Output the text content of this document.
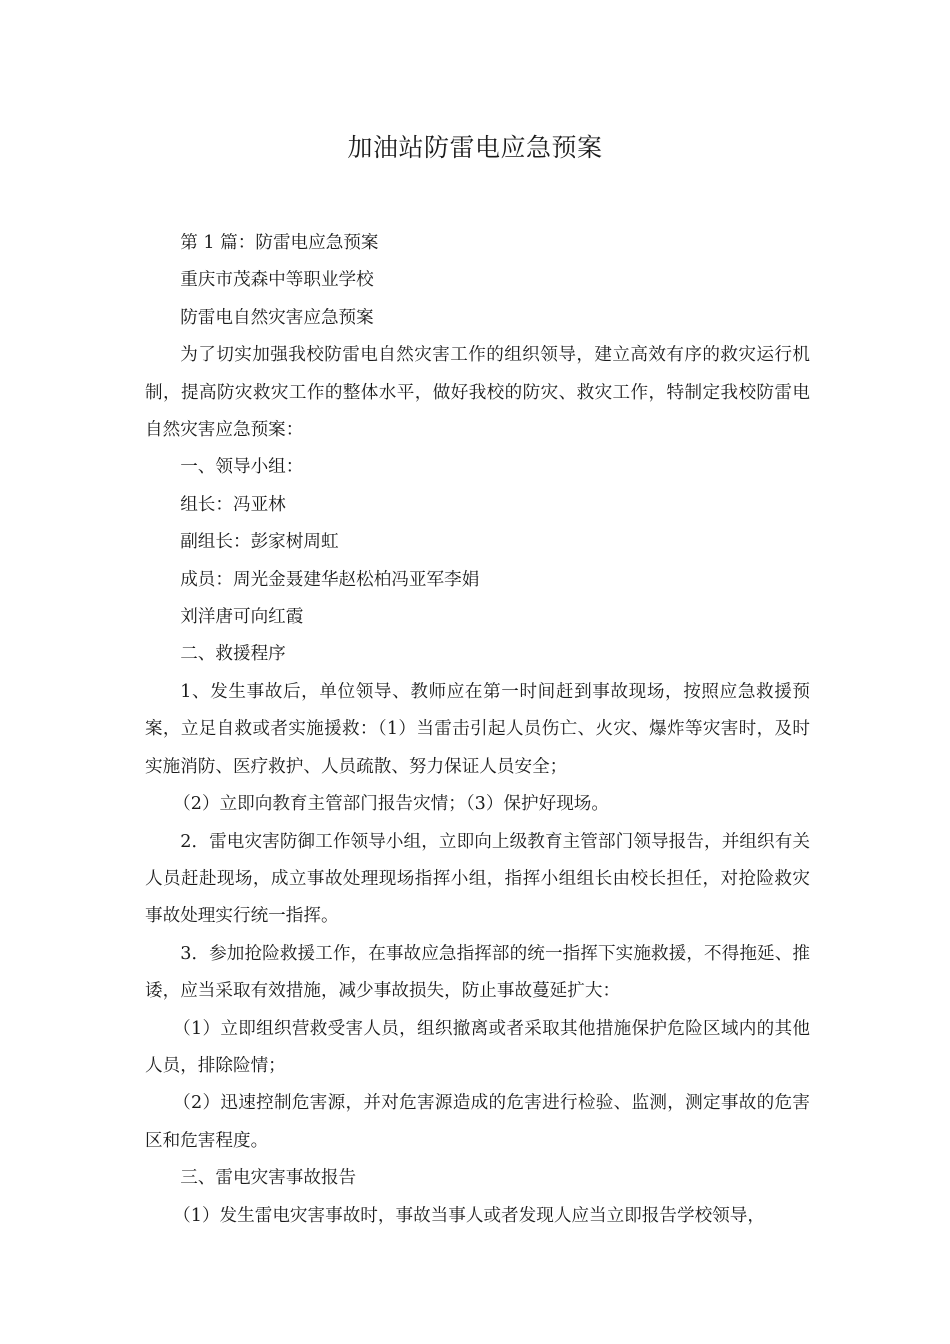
加油站防雷电应急预案

第 1 篇：防雷电应急预案

重庆市茂森中等职业学校

防雷电自然灾害应急预案

为了切实加强我校防雷电自然灾害工作的组织领导，建立高效有序的救灾运行机制，提高防灾救灾工作的整体水平，做好我校的防灾、救灾工作，特制定我校防雷电自然灾害应急预案：

一、领导小组：

组长：冯亚林

副组长：彭家树周虹

成员：周光金聂建华赵松柏冯亚军李娟

刘洋唐可向红霞

二、救援程序

1、发生事故后，单位领导、教师应在第一时间赶到事故现场，按照应急救援预案，立足自救或者实施援救：（1）当雷击引起人员伤亡、火灾、爆炸等灾害时，及时实施消防、医疗救护、人员疏散、努力保证人员安全；

（2）立即向教育主管部门报告灾情；（3）保护好现场。

2．雷电灾害防御工作领导小组，立即向上级教育主管部门领导报告，并组织有关人员赶赴现场，成立事故处理现场指挥小组，指挥小组组长由校长担任，对抢险救灾事故处理实行统一指挥。

3．参加抢险救援工作，在事故应急指挥部的统一指挥下实施救援，不得拖延、推诿，应当采取有效措施，减少事故损失，防止事故蔓延扩大：

（1）立即组织营救受害人员，组织撤离或者采取其他措施保护危险区域内的其他人员，排除险情；

（2）迅速控制危害源，并对危害源造成的危害进行检验、监测，测定事故的危害区和危害程度。

三、雷电灾害事故报告

（1）发生雷电灾害事故时，事故当事人或者发现人应当立即报告学校领导，
